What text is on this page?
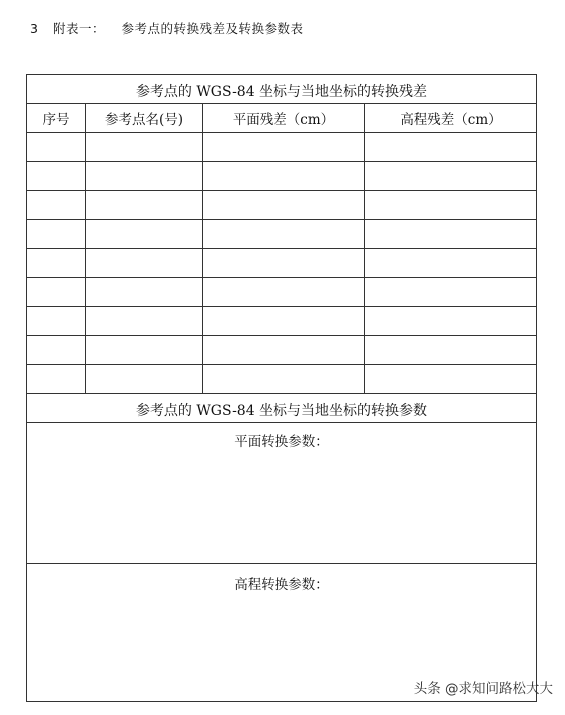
3 附表一： 参考点的转换残差及转换参数表
参考点的 WGS-84 坐标与当地坐标的转换残差
序号	参考点名(号)	平面残差（cm）	高程残差（cm）
参考点的 WGS-84 坐标与当地坐标的转换参数
平面转换参数：
高程转换参数：
头条 @求知问路松大大
